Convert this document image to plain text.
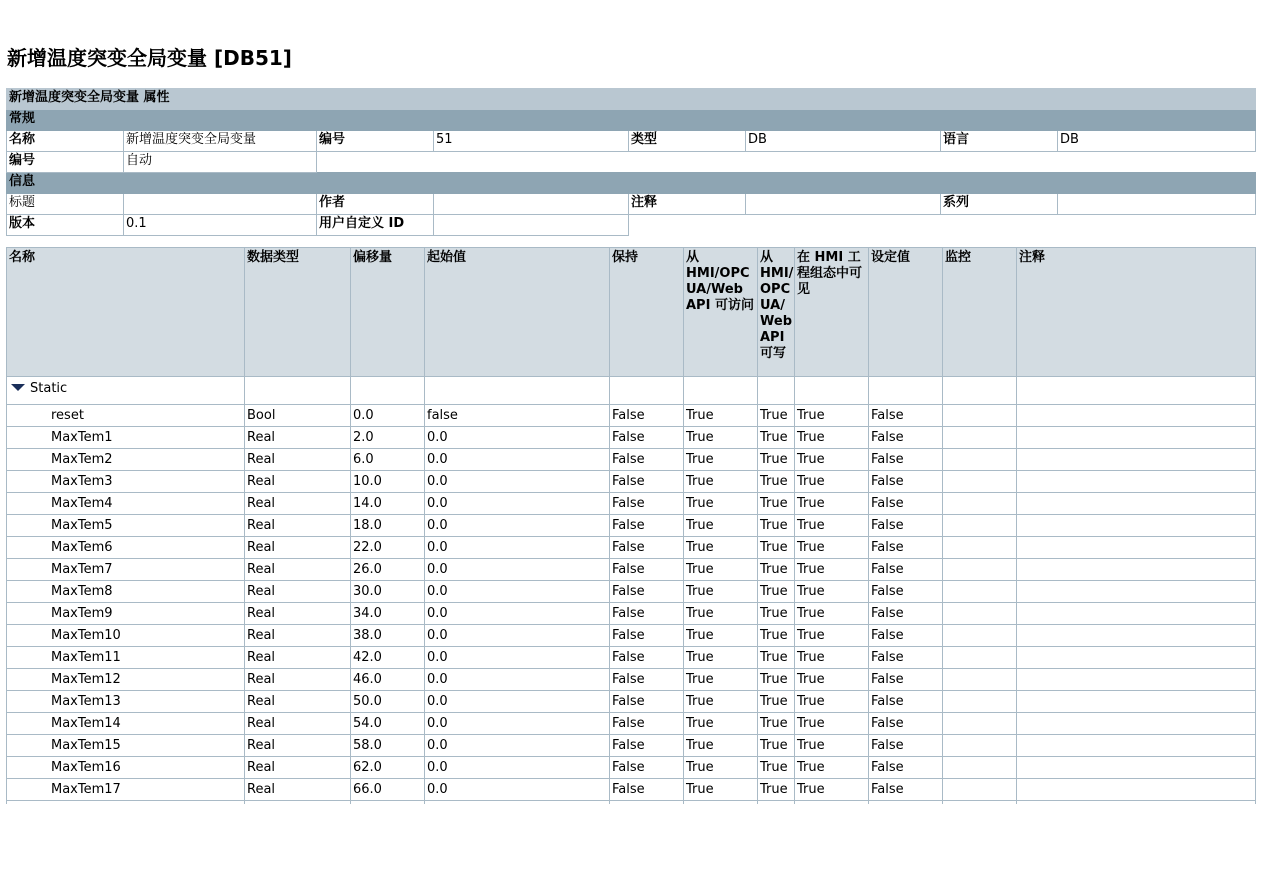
新增温度突变全局变量 [DB51]
新增温度突变全局变量 属性							
常规							
名称	新增温度突变全局变量	编号	51	类型	DB	语言	DB
编号	自动						
信息							
标题		作者		注释		系列	
版本	0.1	用户自定义 ID					
名称	数据类型	偏移量	起始值	保持	从 HMI/OPC UA/Web API 可访问	从 HMI/ OPC UA/ Web API 可写	在 HMI 工程组态中可见	设定值	监控	注释
Static										
reset	Bool	0.0	false	False	True	True	True	False		
MaxTem1	Real	2.0	0.0	False	True	True	True	False		
MaxTem2	Real	6.0	0.0	False	True	True	True	False		
MaxTem3	Real	10.0	0.0	False	True	True	True	False		
MaxTem4	Real	14.0	0.0	False	True	True	True	False		
MaxTem5	Real	18.0	0.0	False	True	True	True	False		
MaxTem6	Real	22.0	0.0	False	True	True	True	False		
MaxTem7	Real	26.0	0.0	False	True	True	True	False		
MaxTem8	Real	30.0	0.0	False	True	True	True	False		
MaxTem9	Real	34.0	0.0	False	True	True	True	False		
MaxTem10	Real	38.0	0.0	False	True	True	True	False		
MaxTem11	Real	42.0	0.0	False	True	True	True	False		
MaxTem12	Real	46.0	0.0	False	True	True	True	False		
MaxTem13	Real	50.0	0.0	False	True	True	True	False		
MaxTem14	Real	54.0	0.0	False	True	True	True	False		
MaxTem15	Real	58.0	0.0	False	True	True	True	False		
MaxTem16	Real	62.0	0.0	False	True	True	True	False		
MaxTem17	Real	66.0	0.0	False	True	True	True	False		
